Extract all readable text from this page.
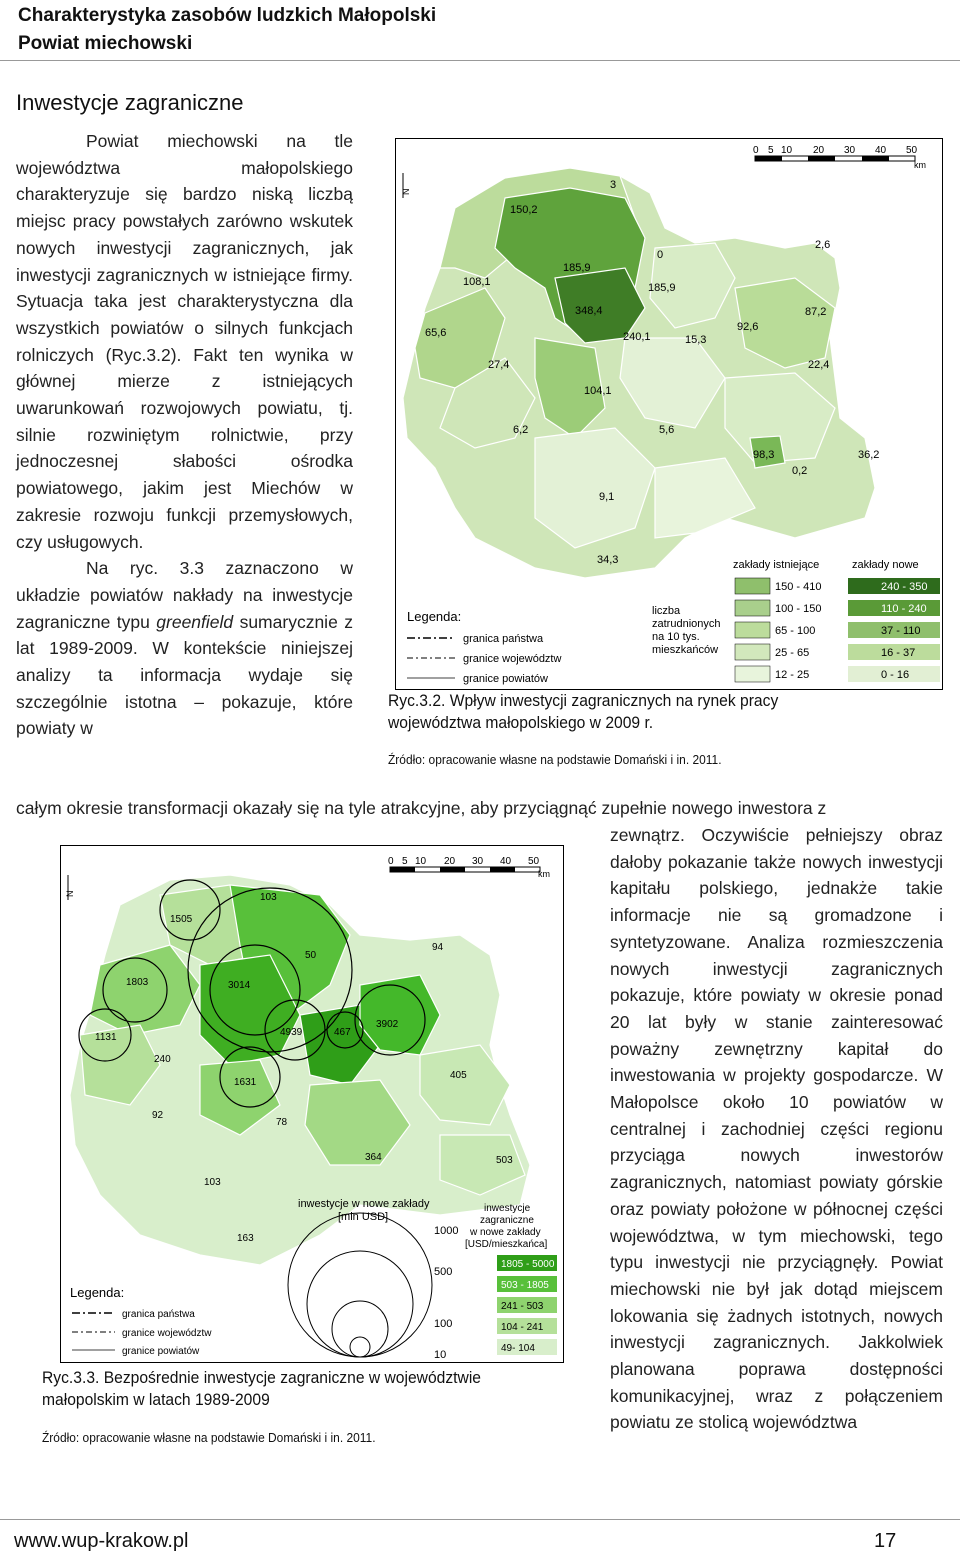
Charakterystyka zasobów ludzkich Małopolski
Powiat miechowski
Inwestycje zagraniczne

Powiat miechowski na tle województwa małopolskiego charakteryzuje się bardzo niską liczbą miejsc pracy powstałych zarówno wskutek nowych inwestycji zagranicznych, jak inwestycji zagranicznych w istniejące firmy. Sytuacja taka jest charakterystyczna dla wszystkich powiatów o silnych funkcjach rolniczych (Ryc.3.2). Fakt ten wynika w głównej mierze z istniejących uwarunkowań rozwojowych powiatu, tj. silnie rozwiniętym rolnictwie, przy jednoczesnej słabości ośrodka powiatowego, jakim jest Miechów w zakresie rozwoju funkcji przemysłowych, czy usługowych.

Na ryc. 3.3 zaznaczono w układzie powiatów nakłady na inwestycje zagraniczne typu greenfield sumarycznie z lat 1989-2009. W kontekście niniejszej analizy ta informacja wydaje się szczególnie istotna – pokazuje, które powiaty w

całym okresie transformacji okazały się na tyle atrakcyjne, aby przyciągnąć zupełnie nowego inwestora z
zewnątrz. Oczywiście pełniejszy obraz dałoby pokazanie także nowych inwestycji kapitału polskiego, jednakże takie informacje nie są gromadzone i syntetyzowane. Analiza rozmieszczenia nowych inwestycji zagranicznych pokazuje, które powiaty w okresie ponad 20 lat były w stanie zainteresować poważny zewnętrzny kapitał do inwestowania w projekty gospodarcze. W Małopolsce około 10 powiatów w centralnej i zachodniej części regionu przyciąga nowych inwestorów zagranicznych, natomiast powiaty górskie oraz powiaty położone w północnej części województwa, w tym miechowski, tego typu inwestycji nie przyciągnęły. Powiat miechowski nie był jak dotąd miejscem lokowania się żadnych istotnych, nowych inwestycji zagranicznych. Jakkolwiek planowana poprawa dostępności komunikacyjnej, wraz z połączeniem powiatu ze stolicą województwa
0 5 10 20 30 40 50
km
N
3
150,2
2,6
108,1
185,9
0
185,9
348,4	87,2
65,6	240,1	15,3
92,6
27,4	22,4
104,1
6,2	5,6
98,3	36,2
0,2
9,1
34,3
Legenda:
granica państwa
granice województw
granice powiatów
zakłady istniejące	zakłady nowe
liczba
zatrudnionych
na 10 tys.
mieszkańców
150 - 410
100 - 150
65 - 100
25 - 65
12 - 25
240 - 350
110 - 240
37 - 110
16 - 37
0 - 16
Ryc.3.2. Wpływ inwestycji zagranicznych na rynek pracy
województwa małopolskiego w 2009 r.
Źródło: opracowanie własne na podstawie Domański i in. 2011.
0 5 10 20 30 40 50
km
N	103
1505
50
94
1803	3014
1131	4939	467
3902
240
405
1631
92
78
503
364
103
163
inwestycje w nowe zakłady
[mln USD]
1000
500
100
10
inwestycje
zagraniczne
w nowe zakłady
[USD/mieszkańca]
1805 - 5000
503 - 1805
241 - 503
104 - 241
49- 104
Legenda:
granica państwa
granice województw
granice powiatów
Ryc.3.3. Bezpośrednie inwestycje zagraniczne w województwie
małopolskim w latach 1989-2009
Źródło: opracowanie własne na podstawie Domański i in. 2011.
www.wup-krakow.pl	17
